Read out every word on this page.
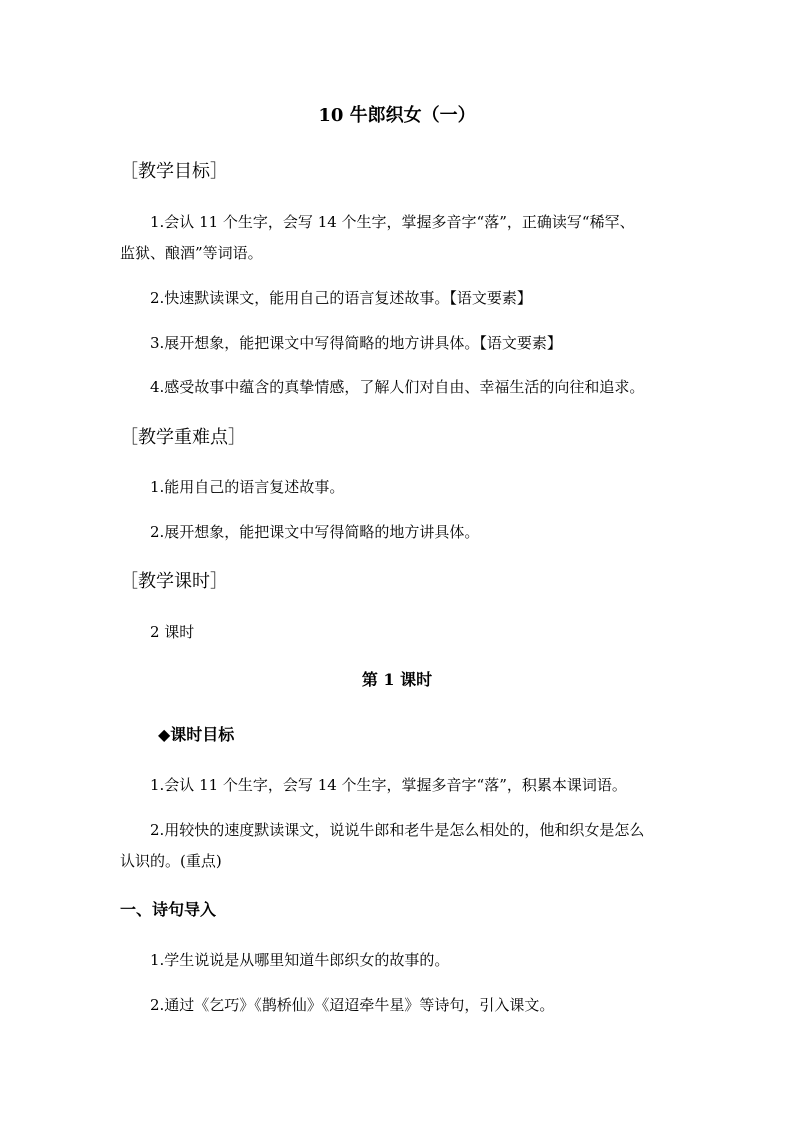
10 牛郎织女（一）
［教学目标］
1.会认 11 个生字，会写 14 个生字，掌握多音字“落”，正确读写“稀罕、
监狱、酿酒”等词语。
2.快速默读课文，能用自己的语言复述故事。【语文要素】
3.展开想象，能把课文中写得简略的地方讲具体。【语文要素】
4.感受故事中蕴含的真挚情感，了解人们对自由、幸福生活的向往和追求。
［教学重难点］
1.能用自己的语言复述故事。
2.展开想象，能把课文中写得简略的地方讲具体。
［教学课时］
2 课时
第 1 课时
◆课时目标
1.会认 11 个生字，会写 14 个生字，掌握多音字“落”，积累本课词语。
2.用较快的速度默读课文，说说牛郎和老牛是怎么相处的，他和织女是怎么
认识的。(重点)
一、诗句导入
1.学生说说是从哪里知道牛郎织女的故事的。
2.通过《乞巧》《鹊桥仙》《迢迢牵牛星》等诗句，引入课文。
